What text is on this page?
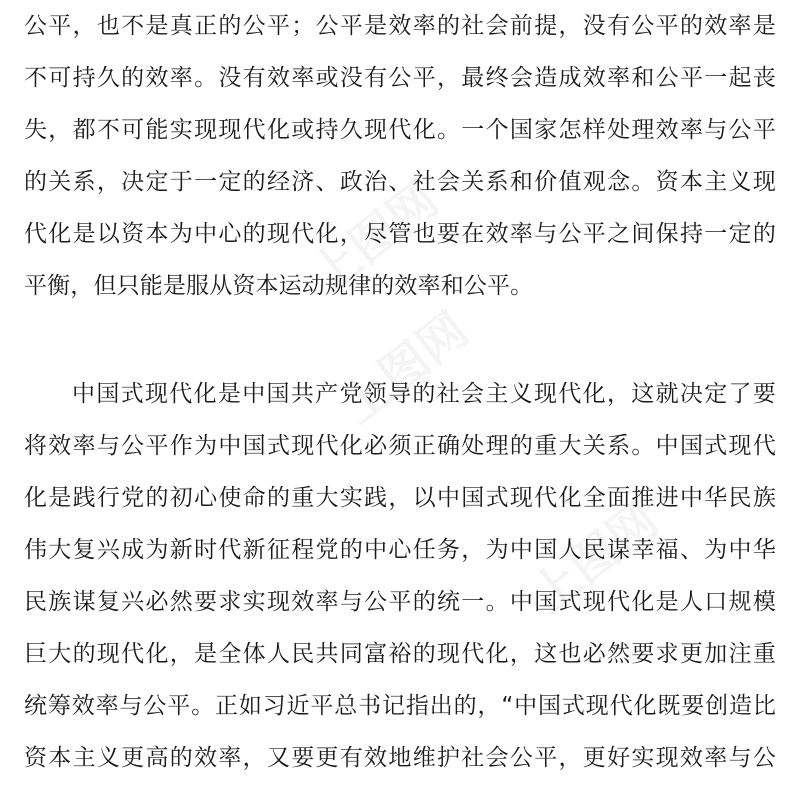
上图网
上图网
上图网
公平，也不是真正的公平；公平是效率的社会前提，没有公平的效率是
不可持久的效率。没有效率或没有公平，最终会造成效率和公平一起丧
失，都不可能实现现代化或持久现代化。一个国家怎样处理效率与公平
的关系，决定于一定的经济、政治、社会关系和价值观念。资本主义现
代化是以资本为中心的现代化，尽管也要在效率与公平之间保持一定的
平衡，但只能是服从资本运动规律的效率和公平。
中国式现代化是中国共产党领导的社会主义现代化，这就决定了要
将效率与公平作为中国式现代化必须正确处理的重大关系。中国式现代
化是践行党的初心使命的重大实践，以中国式现代化全面推进中华民族
伟大复兴成为新时代新征程党的中心任务，为中国人民谋幸福、为中华
民族谋复兴必然要求实现效率与公平的统一。中国式现代化是人口规模
巨大的现代化，是全体人民共同富裕的现代化，这也必然要求更加注重
统筹效率与公平。正如习近平总书记指出的，“中国式现代化既要创造比
资本主义更高的效率，又要更有效地维护社会公平，更好实现效率与公
